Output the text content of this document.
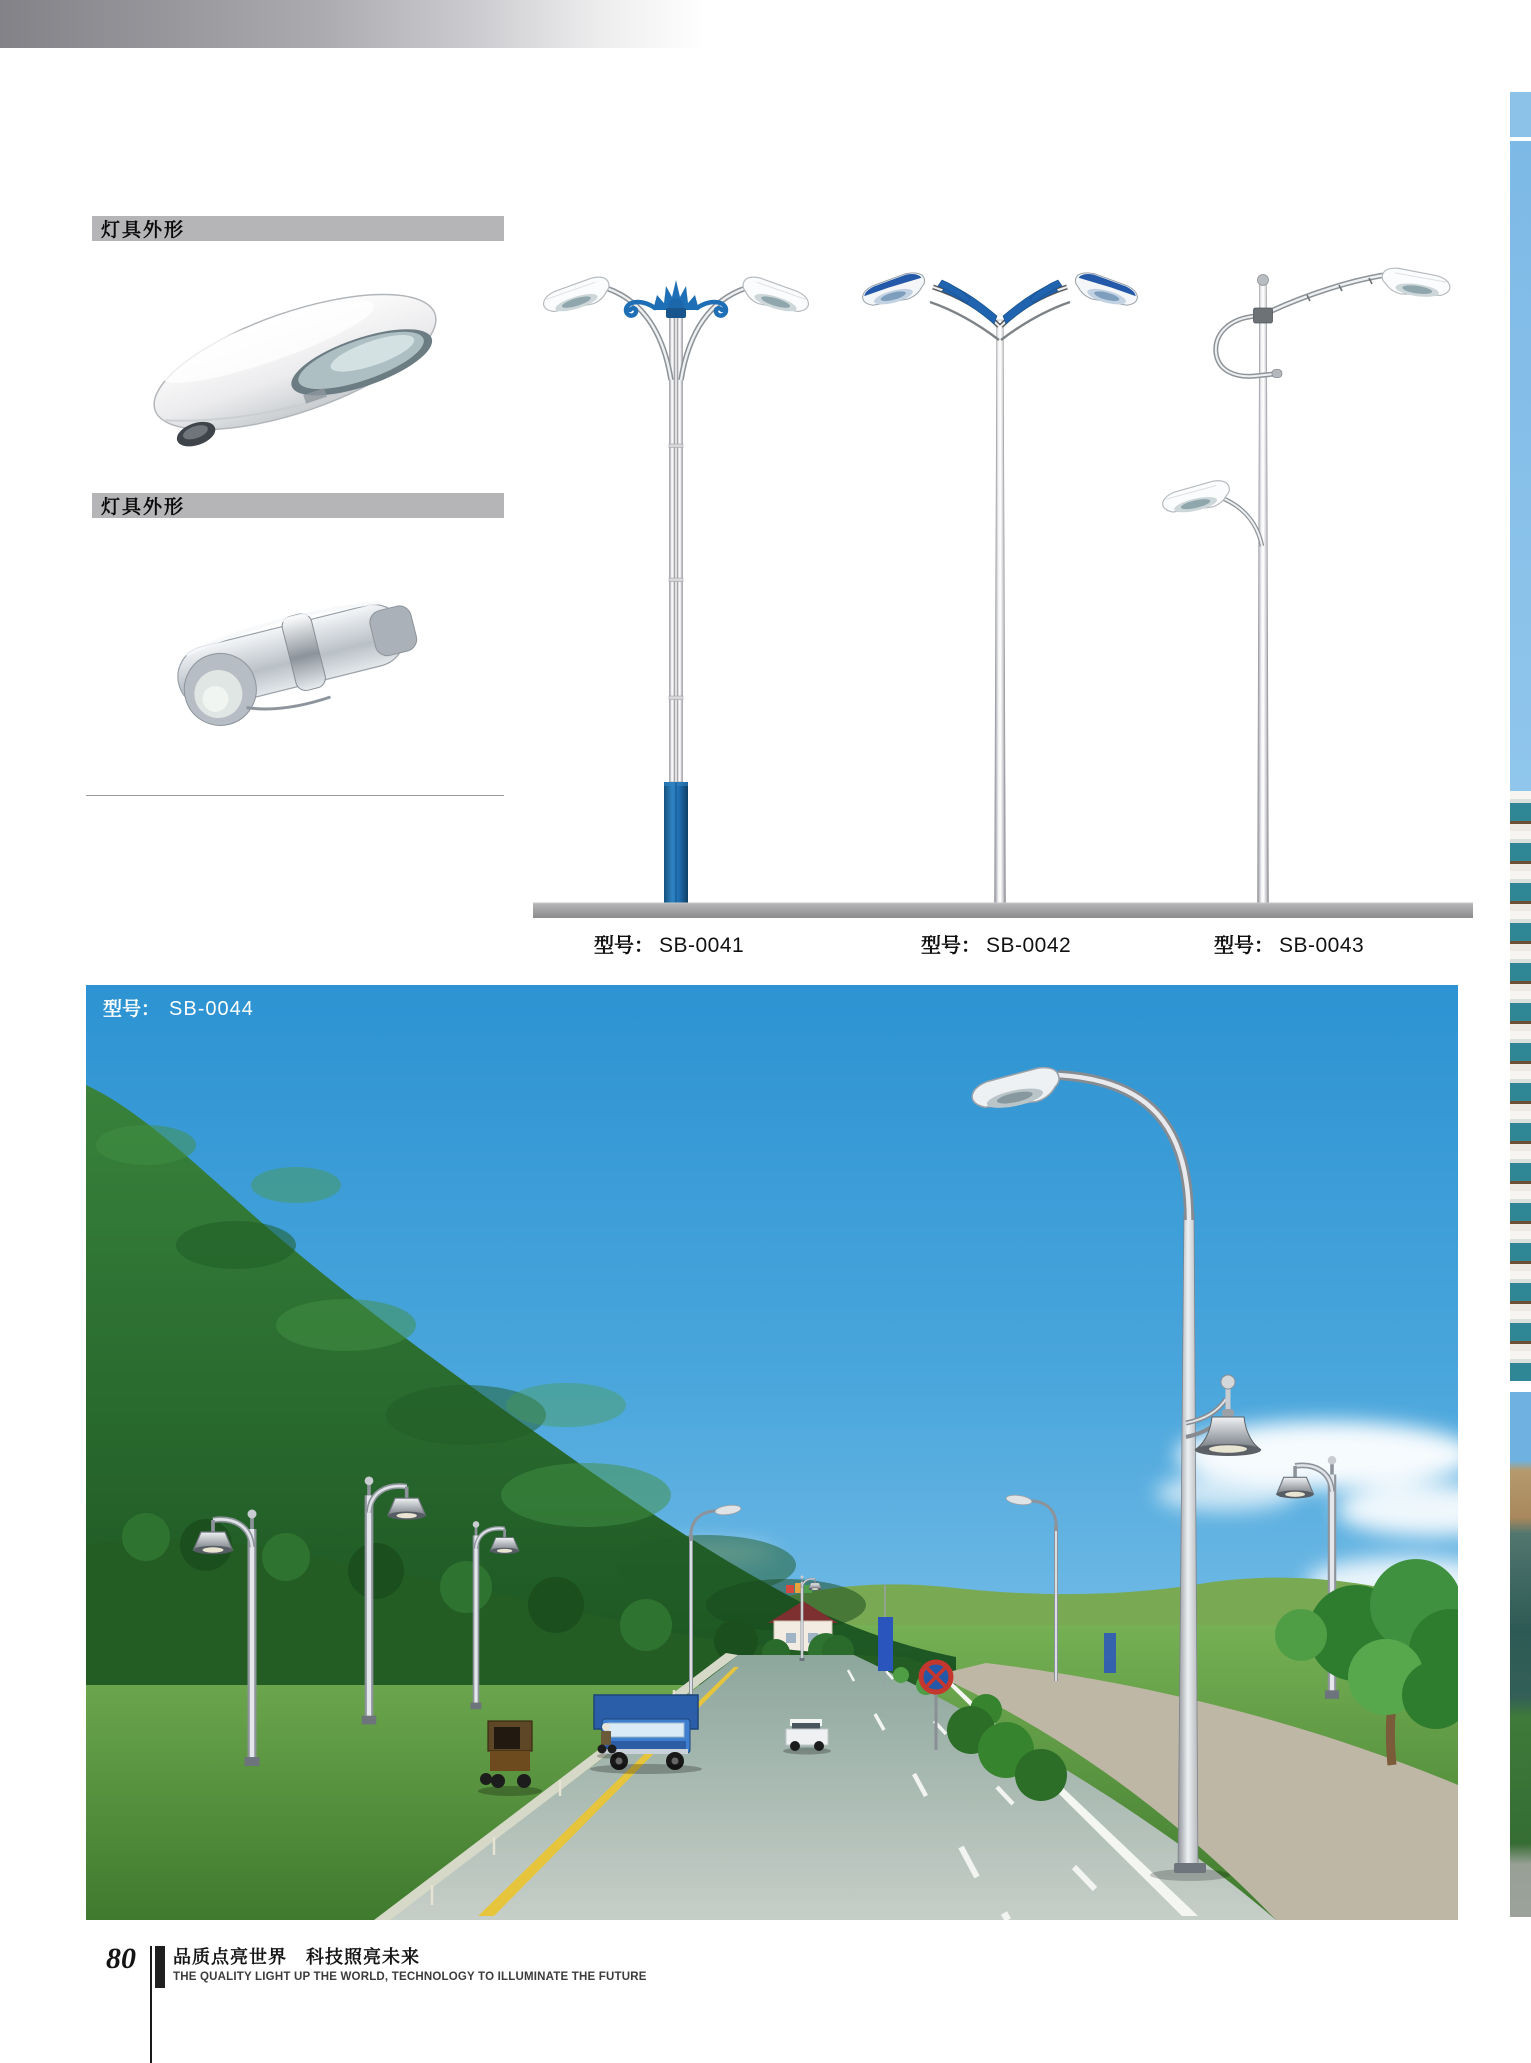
灯具外形
灯具外形
型号： SB-0041	型号： SB-0042	型号： SB-0043
型号： SB-0044
80 品质点亮世界　科技照亮未来
THE QUALITY LIGHT UP THE WORLD, TECHNOLOGY TO ILLUMINATE THE FUTURE
